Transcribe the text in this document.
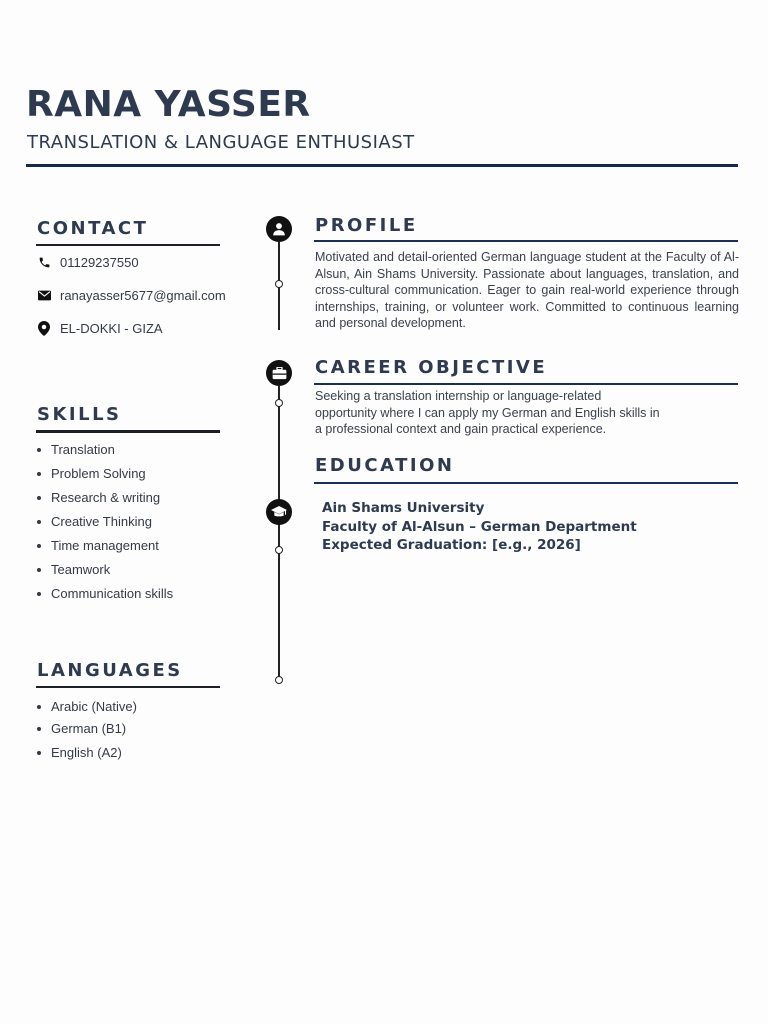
RANA YASSER
TRANSLATION & LANGUAGE ENTHUSIAST
CONTACT
01129237550
ranayasser5677@gmail.com
EL-DOKKI - GIZA
SKILLS
Translation
Problem Solving
Research & writing
Creative Thinking
Time management
Teamwork
Communication skills
LANGUAGES
Arabic (Native)
German (B1)
English (A2)
PROFILE
Motivated and detail-oriented German language student at the Faculty of Al-Alsun, Ain Shams University. Passionate about languages, translation, and cross-cultural communication. Eager to gain real-world experience through internships, training, or volunteer work. Committed to continuous learning and personal development.
CAREER OBJECTIVE
Seeking a translation internship or language-related
opportunity where I can apply my German and English skills in
a professional context and gain practical experience.
EDUCATION
Ain Shams University
Faculty of Al-Alsun – German Department
Expected Graduation: [e.g., 2026]
